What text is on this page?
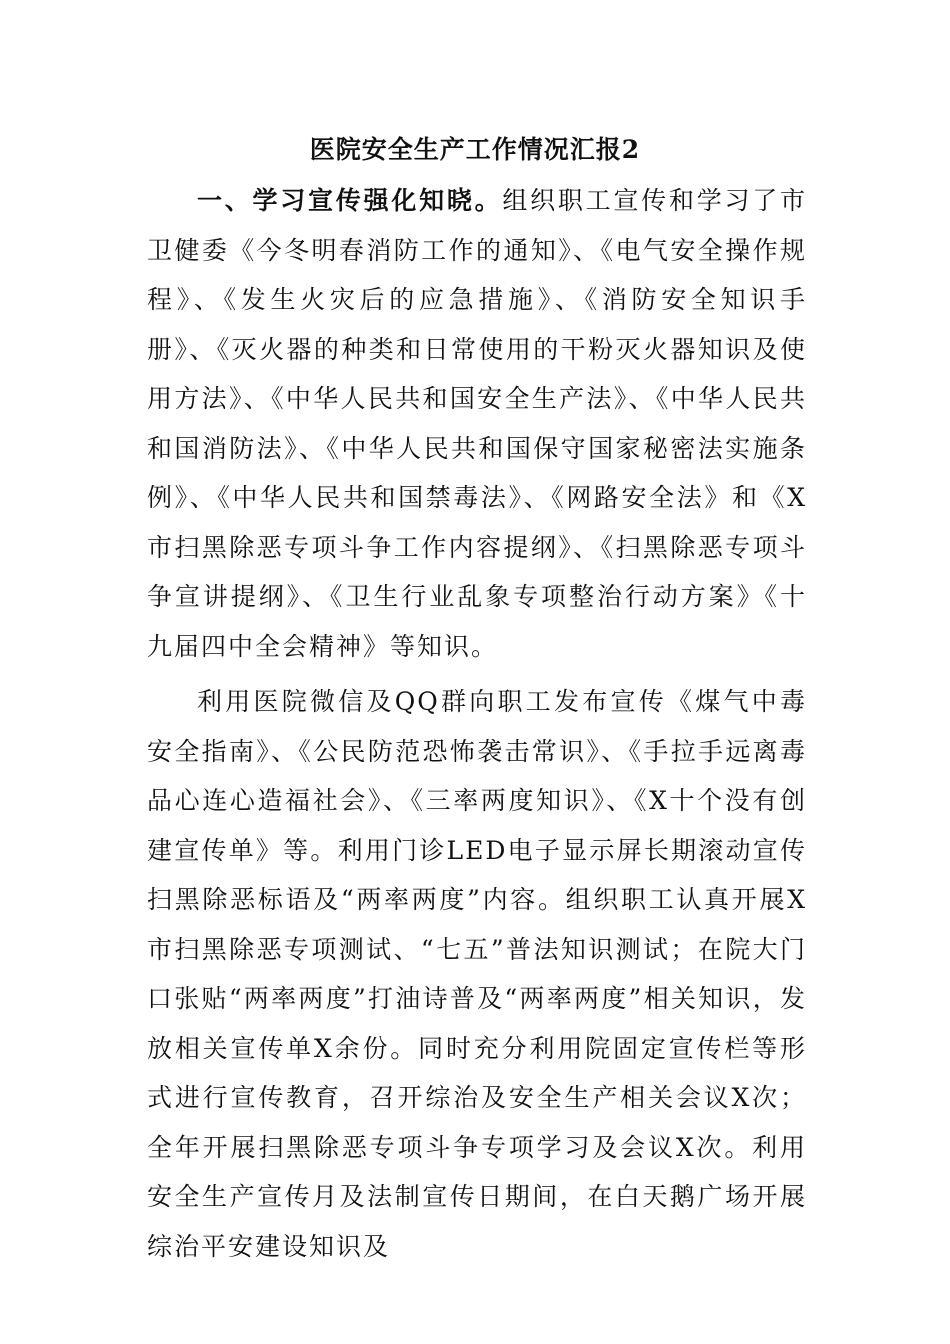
医院安全生产工作情况汇报2

一、学习宣传强化知晓。组织职工宣传和学习了市卫健委《今冬明春消防工作的通知》、《电气安全操作规程》、《发生火灾后的应急措施》、《消防安全知识手册》、《灭火器的种类和日常使用的干粉灭火器知识及使用方法》、《中华人民共和国安全生产法》、《中华人民共和国消防法》、《中华人民共和国保守国家秘密法实施条例》、《中华人民共和国禁毒法》、《网路安全法》和《X市扫黑除恶专项斗争工作内容提纲》、《扫黑除恶专项斗争宣讲提纲》、《卫生行业乱象专项整治行动方案》《十九届四中全会精神》等知识。

利用医院微信及QQ群向职工发布宣传《煤气中毒安全指南》、《公民防范恐怖袭击常识》、《手拉手远离毒品心连心造福社会》、《三率两度知识》、《X十个没有创建宣传单》等。利用门诊LED电子显示屏长期滚动宣传扫黑除恶标语及“两率两度”内容。组织职工认真开展X市扫黑除恶专项测试、“七五”普法知识测试；在院大门口张贴“两率两度”打油诗普及“两率两度”相关知识，发放相关宣传单X余份。同时充分利用院固定宣传栏等形式进行宣传教育，召开综治及安全生产相关会议X次；全年开展扫黑除恶专项斗争专项学习及会议X次。利用安全生产宣传月及法制宣传日期间，在白天鹅广场开展综治平安建设知识及
